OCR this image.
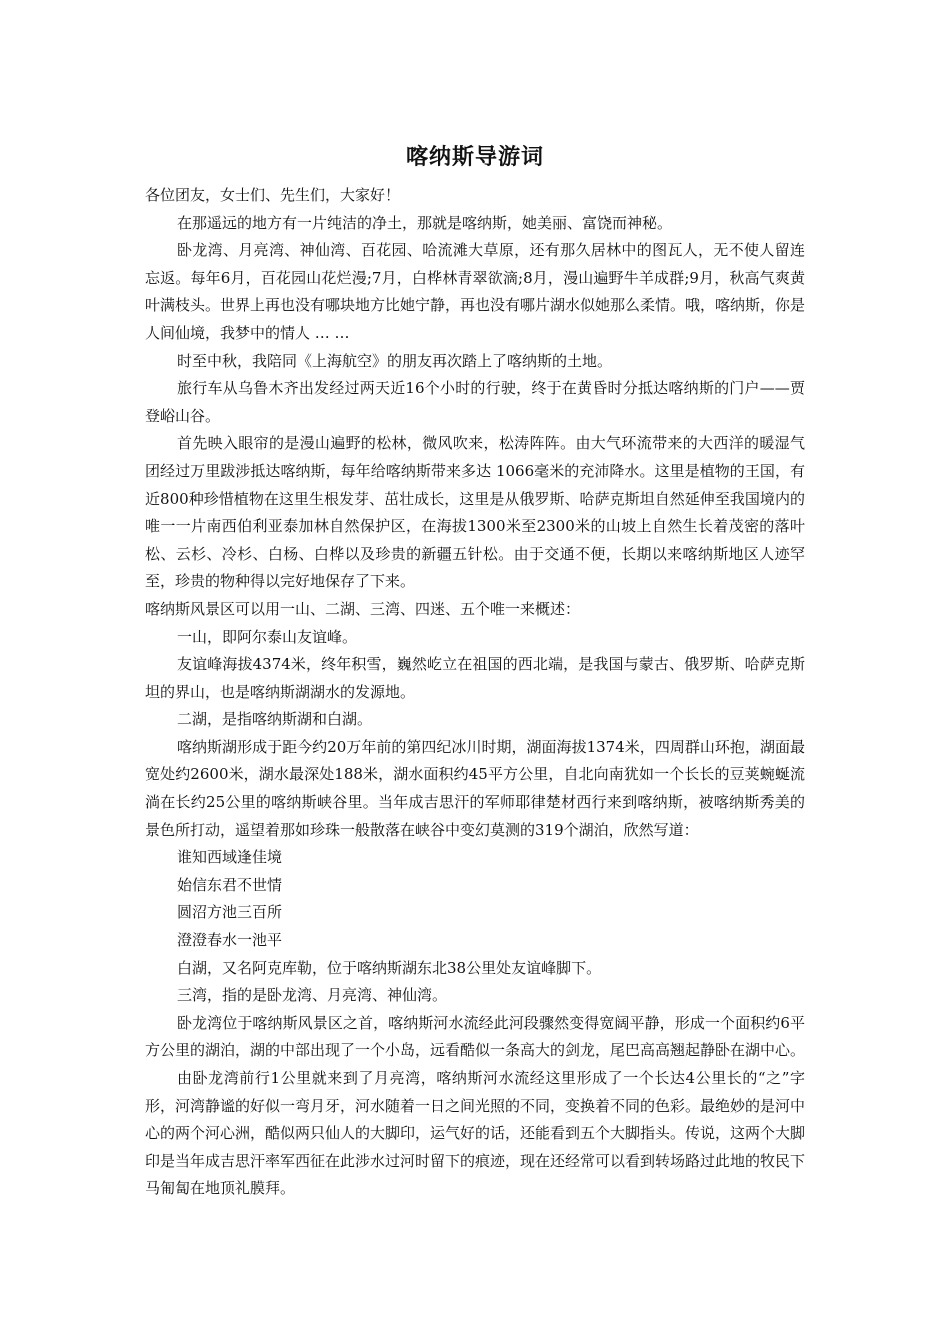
喀纳斯导游词

各位团友，女士们、先生们，大家好！

在那遥远的地方有一片纯洁的净土，那就是喀纳斯，她美丽、富饶而神秘。

卧龙湾、月亮湾、神仙湾、百花园、哈流滩大草原，还有那久居林中的图瓦人，无不使人留连忘返。每年6月，百花园山花烂漫;7月，白桦林青翠欲滴;8月，漫山遍野牛羊成群;9月，秋高气爽黄叶满枝头。世界上再也没有哪块地方比她宁静，再也没有哪片湖水似她那么柔情。哦，喀纳斯，你是人间仙境，我梦中的情人 … …

时至中秋，我陪同《上海航空》的朋友再次踏上了喀纳斯的土地。

旅行车从乌鲁木齐出发经过两天近16个小时的行驶，终于在黄昏时分抵达喀纳斯的门户——贾登峪山谷。

首先映入眼帘的是漫山遍野的松林，微风吹来，松涛阵阵。由大气环流带来的大西洋的暖湿气团经过万里跋涉抵达喀纳斯，每年给喀纳斯带来多达 1066毫米的充沛降水。这里是植物的王国，有近800种珍惜植物在这里生根发芽、茁壮成长，这里是从俄罗斯、哈萨克斯坦自然延伸至我国境内的唯一一片南西伯利亚泰加林自然保护区，在海拔1300米至2300米的山坡上自然生长着茂密的落叶松、云杉、冷杉、白杨、白桦以及珍贵的新疆五针松。由于交通不便，长期以来喀纳斯地区人迹罕至，珍贵的物种得以完好地保存了下来。

喀纳斯风景区可以用一山、二湖、三湾、四迷、五个唯一来概述：

一山，即阿尔泰山友谊峰。

友谊峰海拔4374米，终年积雪，巍然屹立在祖国的西北端，是我国与蒙古、俄罗斯、哈萨克斯坦的界山，也是喀纳斯湖湖水的发源地。

二湖，是指喀纳斯湖和白湖。

喀纳斯湖形成于距今约20万年前的第四纪冰川时期，湖面海拔1374米，四周群山环抱，湖面最宽处约2600米，湖水最深处188米，湖水面积约45平方公里，自北向南犹如一个长长的豆荚蜿蜒流淌在长约25公里的喀纳斯峡谷里。当年成吉思汗的军师耶律楚材西行来到喀纳斯，被喀纳斯秀美的景色所打动，遥望着那如珍珠一般散落在峡谷中变幻莫测的319个湖泊，欣然写道：

谁知西域逢佳境

始信东君不世情

圆沼方池三百所

澄澄春水一池平

白湖，又名阿克库勒，位于喀纳斯湖东北38公里处友谊峰脚下。

三湾，指的是卧龙湾、月亮湾、神仙湾。

卧龙湾位于喀纳斯风景区之首，喀纳斯河水流经此河段骤然变得宽阔平静，形成一个面积约6平方公里的湖泊，湖的中部出现了一个小岛，远看酷似一条高大的剑龙，尾巴高高翘起静卧在湖中心。

由卧龙湾前行1公里就来到了月亮湾，喀纳斯河水流经这里形成了一个长达4公里长的“之”字形，河湾静谧的好似一弯月牙，河水随着一日之间光照的不同，变换着不同的色彩。最绝妙的是河中心的两个河心洲，酷似两只仙人的大脚印，运气好的话，还能看到五个大脚指头。传说，这两个大脚印是当年成吉思汗率军西征在此涉水过河时留下的痕迹，现在还经常可以看到转场路过此地的牧民下马匍匐在地顶礼膜拜。
